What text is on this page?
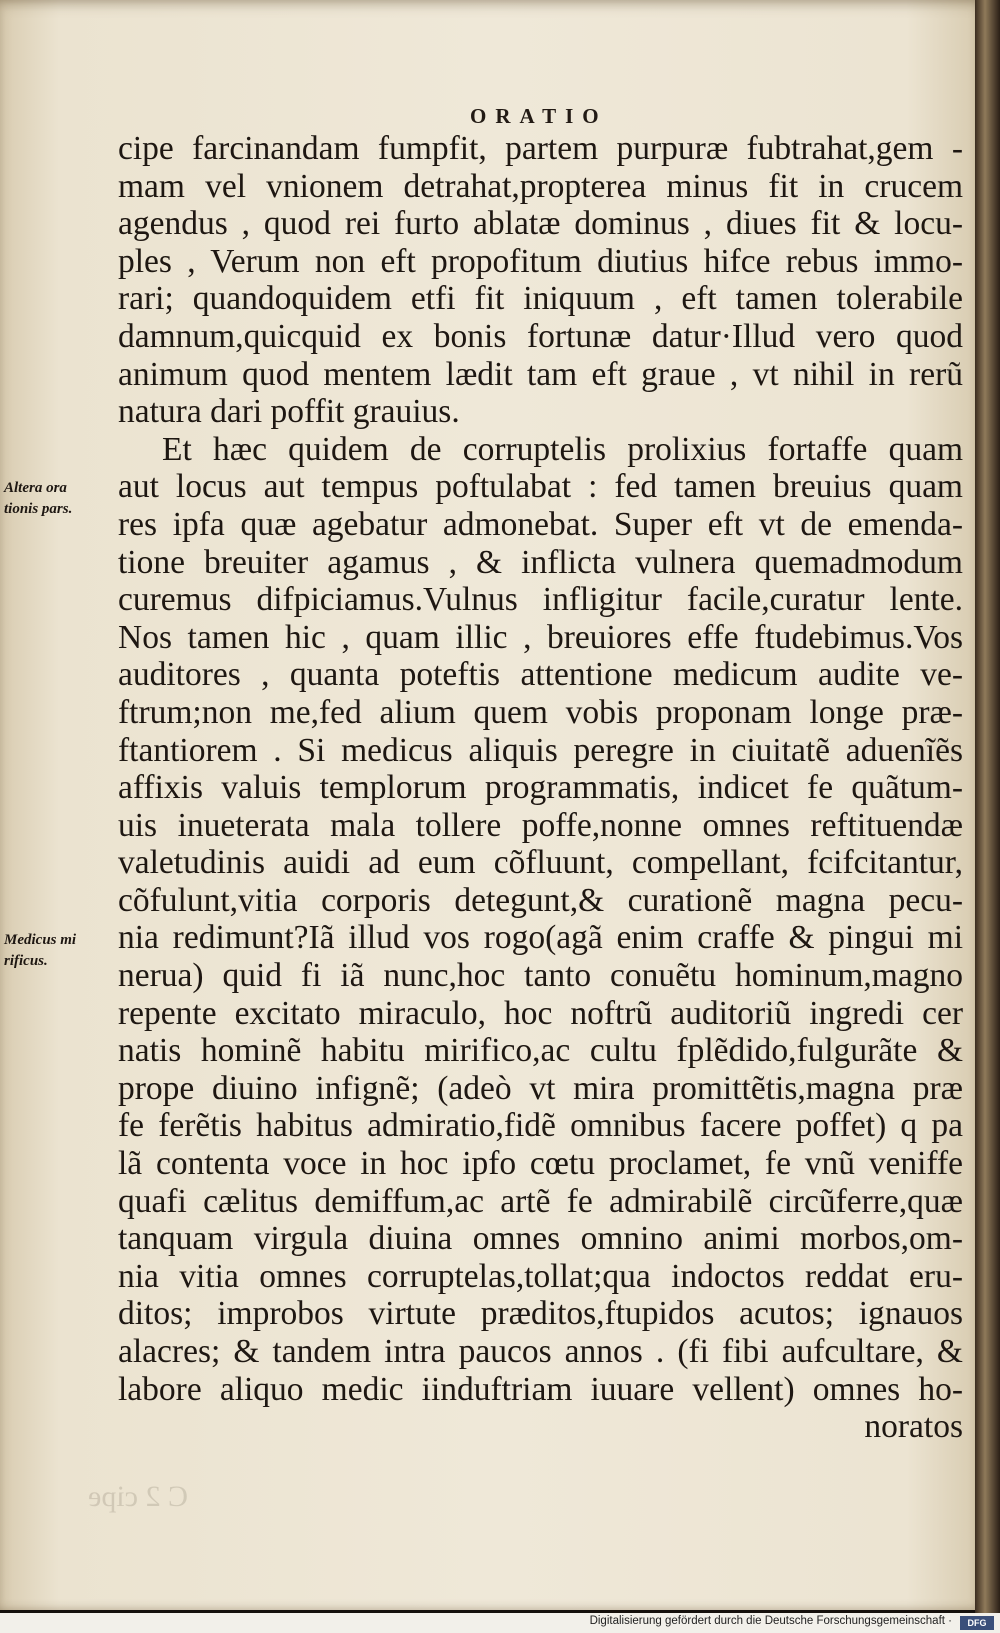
ORATIO
cipe farcinandam fumpfit, partem purpuræ fubtrahat,gem -
mam vel vnionem detrahat,propterea minus fit in crucem
agendus , quod rei furto ablatæ dominus , diues fit & locu-
ples , Verum non eft propofitum diutius hifce rebus immo-
rari; quandoquidem etfi fit iniquum , eft tamen tolerabile
damnum,quicquid ex bonis fortunæ datur·Illud vero quod
animum quod mentem lædit tam eft graue , vt nihil in rerũ
natura dari poffit grauius.
Et hæc quidem de corruptelis prolixius fortaffe quam
aut locus aut tempus poftulabat : fed tamen breuius quam
res ipfa quæ agebatur admonebat. Super eft vt de emenda-
tione breuiter agamus , & inflicta vulnera quemadmodum
curemus difpiciamus.Vulnus infligitur facile,curatur lente.
Nos tamen hic , quam illic , breuiores effe ftudebimus.Vos
auditores , quanta poteftis attentione medicum audite ve-
ftrum;non me,fed alium quem vobis proponam longe præ-
ftantiorem . Si medicus aliquis peregre in ciuitatẽ aduenĩẽs
affixis valuis templorum programmatis, indicet fe quãtum-
uis inueterata mala tollere poffe,nonne omnes reftituendæ
valetudinis auidi ad eum cõfluunt, compellant, fcifcitantur,
cõfulunt,vitia corporis detegunt,& curationẽ magna pecu-
nia redimunt?Iã illud vos rogo(agã enim craffe & pingui mi
nerua) quid fi iã nunc,hoc tanto conuẽtu hominum,magno
repente excitato miraculo, hoc noftrũ auditoriũ ingredi cer
natis hominẽ habitu mirifico,ac cultu fplẽdido,fulgurãte &
prope diuino infignẽ; (adeò vt mira promittẽtis,magna præ
fe ferẽtis habitus admiratio,fidẽ omnibus facere poffet) q pa
lã contenta voce in hoc ipfo cœtu proclamet, fe vnũ veniffe
quafi cælitus demiffum,ac artẽ fe admirabilẽ circũferre,quæ
tanquam virgula diuina omnes omnino animi morbos,om-
nia vitia omnes corruptelas,tollat;qua indoctos reddat eru-
ditos; improbos virtute præditos,ftupidos acutos; ignauos
alacres; & tandem intra paucos annos . (fi fibi aufcultare, &
labore aliquo medic iinduftriam iuuare vellent) omnes ho-
noratos
Altera ora
tionis pars.
Medicus mi
rificus.
C 2 cipe
Digitalisierung gefördert durch die Deutsche Forschungsgemeinschaft ·	DFG
